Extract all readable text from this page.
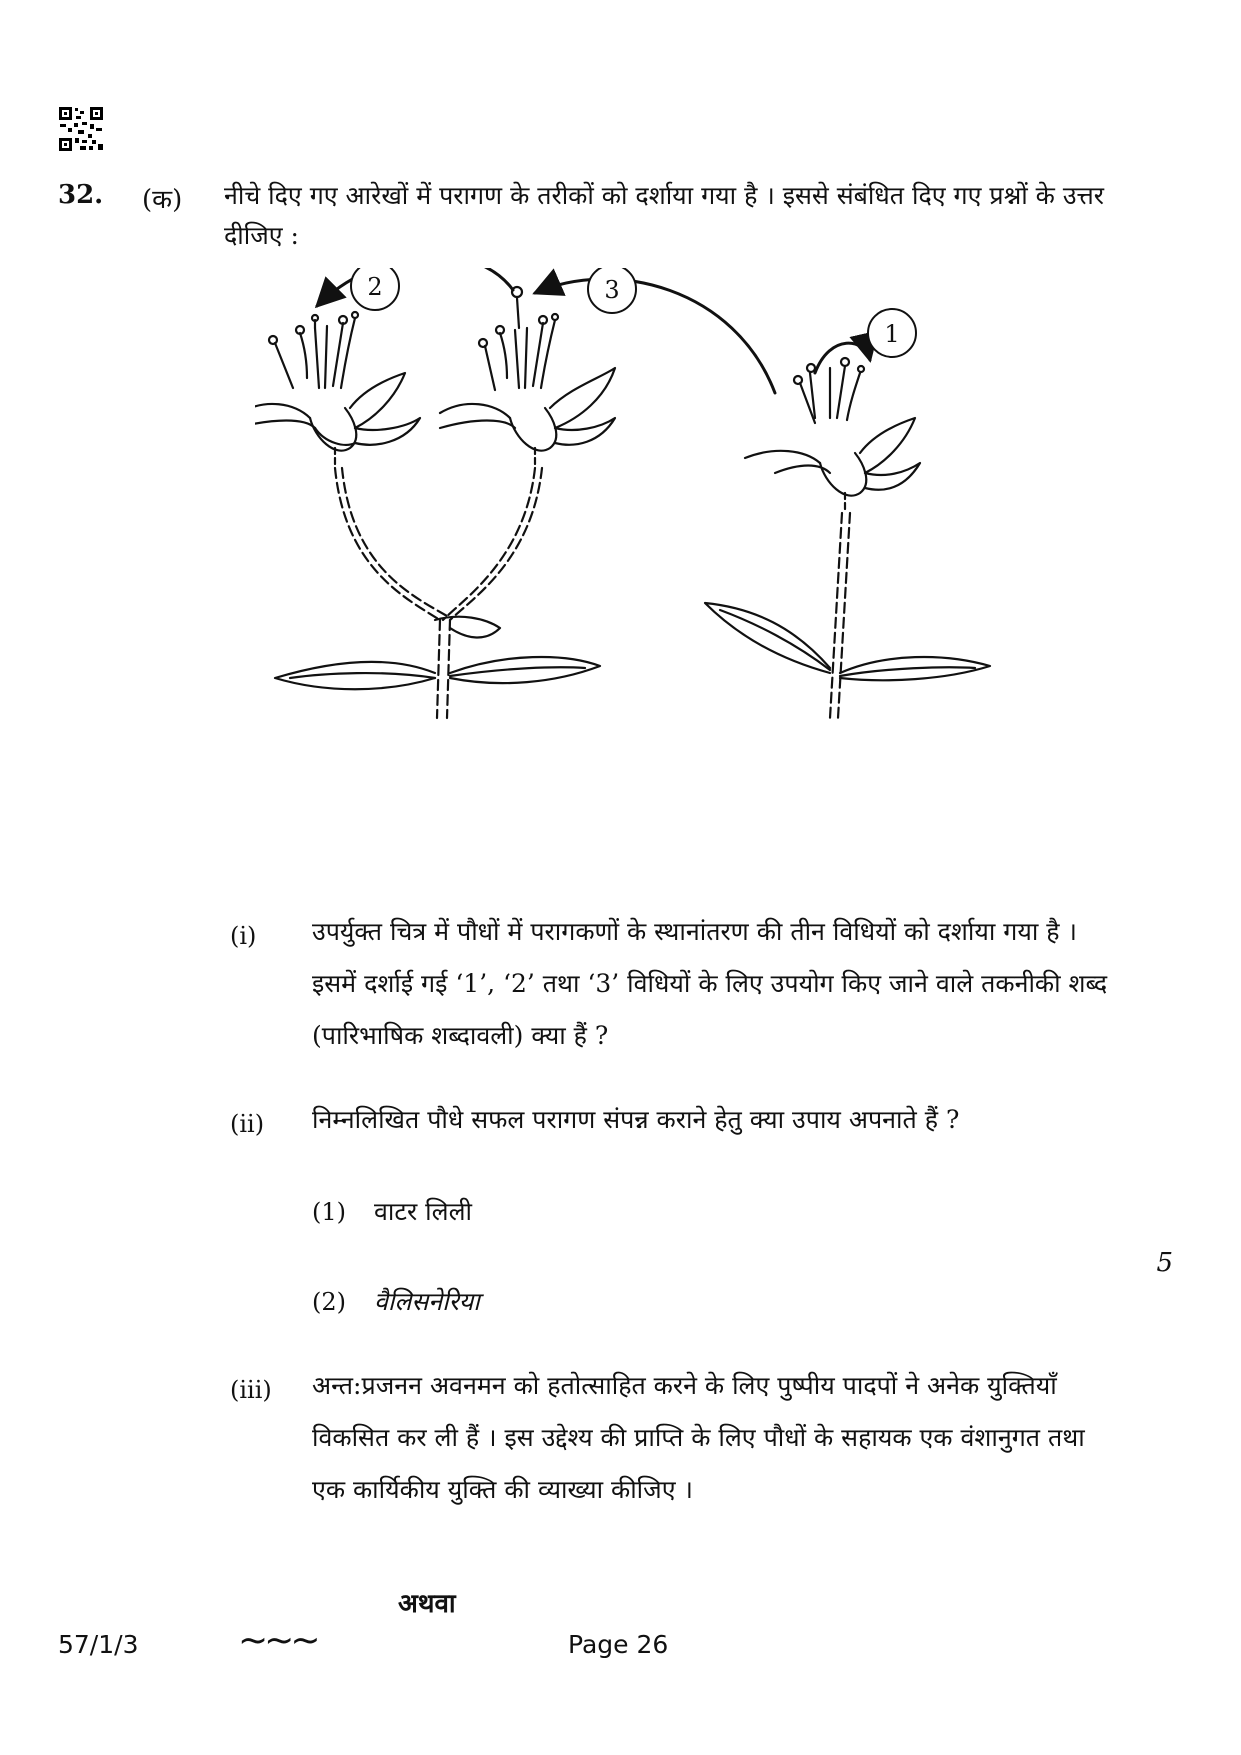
32. (क) नीचे दिए गए आरेखों में परागण के तरीकों को दर्शाया गया है । इससे संबंधित दिए गए प्रश्नों के उत्तर दीजिए :
2	3
1
(i) उपर्युक्त चित्र में पौधों में परागकणों के स्थानांतरण की तीन विधियों को दर्शाया गया है । इसमें दर्शाई गई ‘1’, ‘2’ तथा ‘3’ विधियों के लिए उपयोग किए जाने वाले तकनीकी शब्द (पारिभाषिक शब्दावली) क्या हैं ?
(ii) निम्नलिखित पौधे सफल परागण संपन्न कराने हेतु क्या उपाय अपनाते हैं ?
(1) वाटर लिली
(2) वैलिसनेरिया
(iii) अन्त:प्रजनन अवनमन को हतोत्साहित करने के लिए पुष्पीय पादपों ने अनेक युक्तियाँ विकसित कर ली हैं । इस उद्देश्य की प्राप्ति के लिए पौधों के सहायक एक वंशानुगत तथा एक कार्यिकीय युक्ति की व्याख्या कीजिए ।
5
अथवा
57/1/3	~~~	Page 26
